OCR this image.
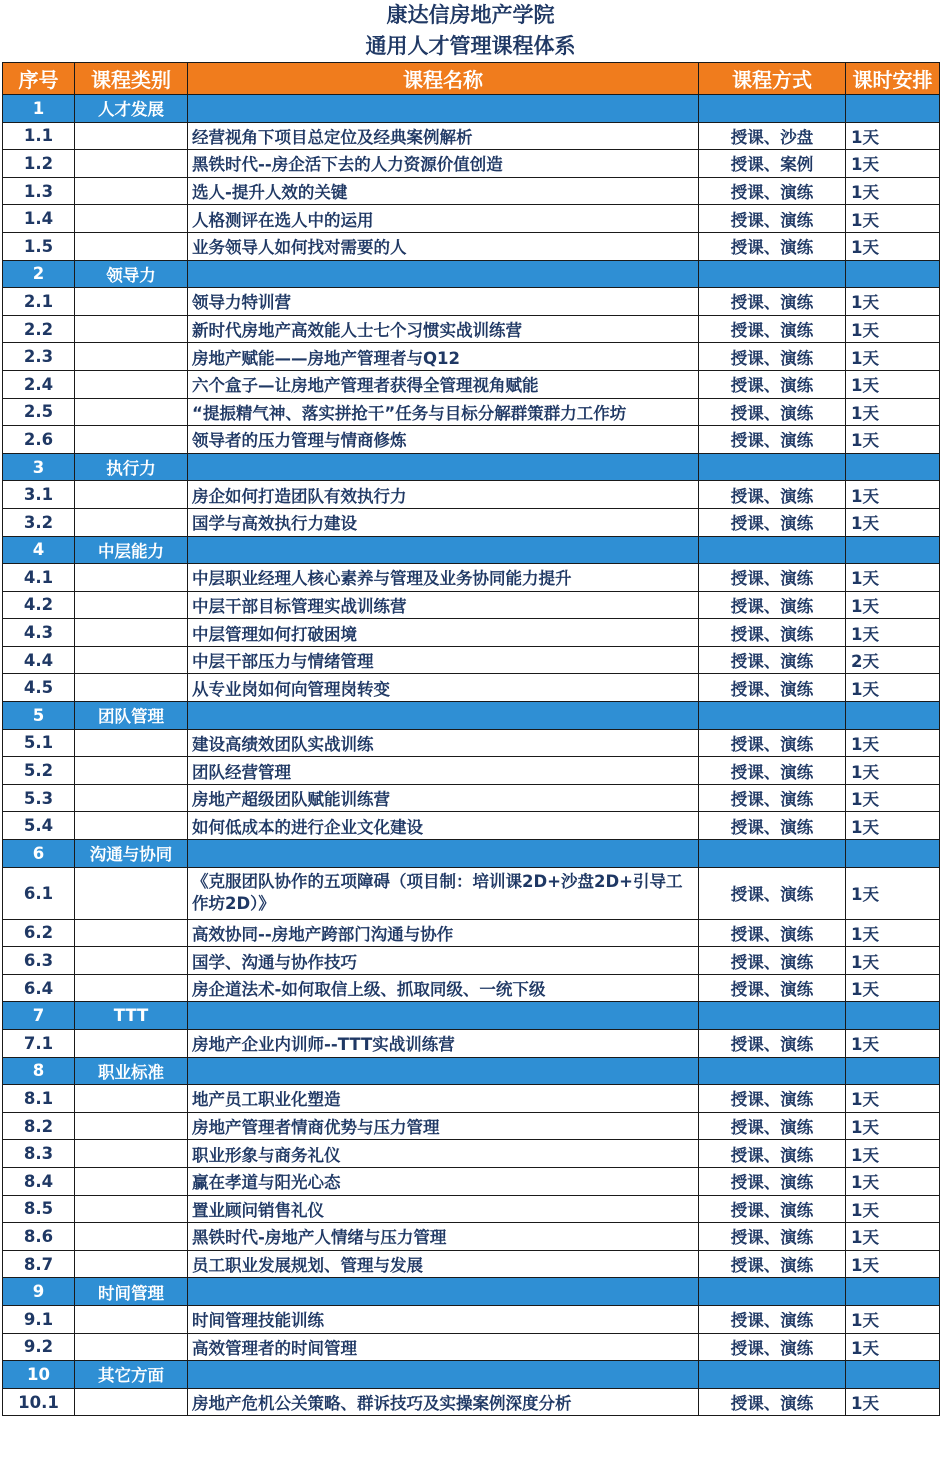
康达信房地产学院
通用人才管理课程体系
序号	课程类别	课程名称	课程方式	课时安排
1	人才发展			
1.1		经营视角下项目总定位及经典案例解析	授课、沙盘	1天
1.2		黑铁时代--房企活下去的人力资源价值创造	授课、案例	1天
1.3		选人-提升人效的关键	授课、演练	1天
1.4		人格测评在选人中的运用	授课、演练	1天
1.5		业务领导人如何找对需要的人	授课、演练	1天
2	领导力			
2.1		领导力特训营	授课、演练	1天
2.2		新时代房地产高效能人士七个习惯实战训练营	授课、演练	1天
2.3		房地产赋能——房地产管理者与Q12	授课、演练	1天
2.4		六个盒子—让房地产管理者获得全管理视角赋能	授课、演练	1天
2.5		“提振精气神、落实拼抢干”任务与目标分解群策群力工作坊	授课、演练	1天
2.6		领导者的压力管理与情商修炼	授课、演练	1天
3	执行力			
3.1		房企如何打造团队有效执行力	授课、演练	1天
3.2		国学与高效执行力建设	授课、演练	1天
4	中层能力			
4.1		中层职业经理人核心素养与管理及业务协同能力提升	授课、演练	1天
4.2		中层干部目标管理实战训练营	授课、演练	1天
4.3		中层管理如何打破困境	授课、演练	1天
4.4		中层干部压力与情绪管理	授课、演练	2天
4.5		从专业岗如何向管理岗转变	授课、演练	1天
5	团队管理			
5.1		建设高绩效团队实战训练	授课、演练	1天
5.2		团队经营管理	授课、演练	1天
5.3		房地产超级团队赋能训练营	授课、演练	1天
5.4		如何低成本的进行企业文化建设	授课、演练	1天
6	沟通与协同			
6.1		《克服团队协作的五项障碍（项目制：培训课2D+沙盘2D+引导工作坊2D）》	授课、演练	1天
6.2		高效协同--房地产跨部门沟通与协作	授课、演练	1天
6.3		国学、沟通与协作技巧	授课、演练	1天
6.4		房企道法术-如何取信上级、抓取同级、一统下级	授课、演练	1天
7	TTT			
7.1		房地产企业内训师--TTT实战训练营	授课、演练	1天
8	职业标准			
8.1		地产员工职业化塑造	授课、演练	1天
8.2		房地产管理者情商优势与压力管理	授课、演练	1天
8.3		职业形象与商务礼仪	授课、演练	1天
8.4		赢在孝道与阳光心态	授课、演练	1天
8.5		置业顾问销售礼仪	授课、演练	1天
8.6		黑铁时代-房地产人情绪与压力管理	授课、演练	1天
8.7		员工职业发展规划、管理与发展	授课、演练	1天
9	时间管理			
9.1		时间管理技能训练	授课、演练	1天
9.2		高效管理者的时间管理	授课、演练	1天
10	其它方面			
10.1		房地产危机公关策略、群诉技巧及实操案例深度分析	授课、演练	1天
